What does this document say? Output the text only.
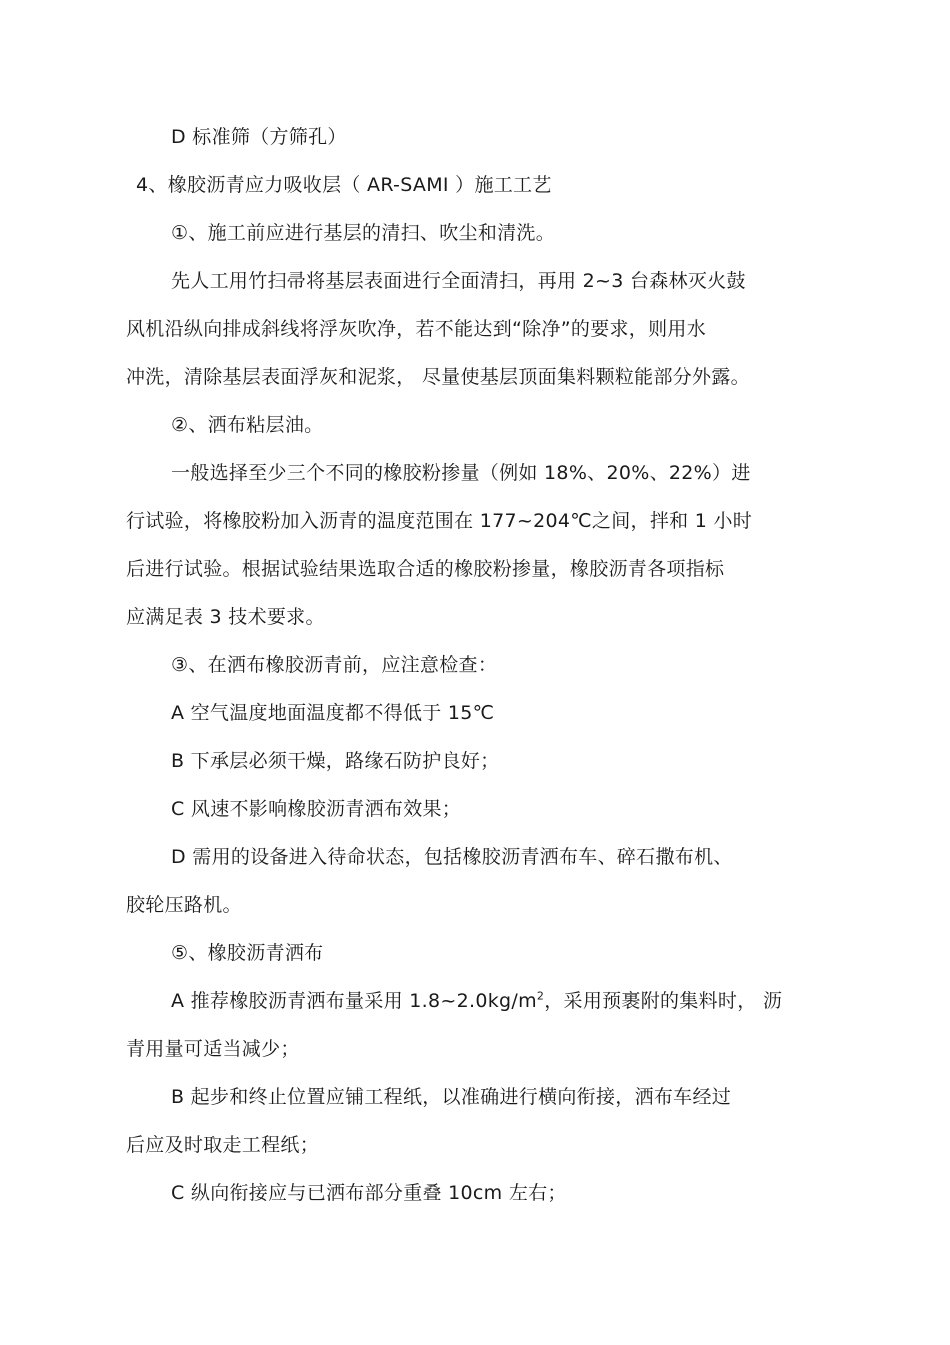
D 标准筛（方筛孔）
4、橡胶沥青应力吸收层（ AR-SAMI ）施工工艺
①、施工前应进行基层的清扫、吹尘和清洗。
先人工用竹扫帚将基层表面进行全面清扫，再用 2~3 台森林灭火鼓
风机沿纵向排成斜线将浮灰吹净，若不能达到“除净”的要求，则用水
冲洗，清除基层表面浮灰和泥浆， 尽量使基层顶面集料颗粒能部分外露。
②、洒布粘层油。
一般选择至少三个不同的橡胶粉掺量（例如 18%、20%、22%）进
行试验，将橡胶粉加入沥青的温度范围在 177~204℃之间，拌和 1 小时
后进行试验。根据试验结果选取合适的橡胶粉掺量，橡胶沥青各项指标
应满足表 3 技术要求。
③、在洒布橡胶沥青前，应注意检查：
A 空气温度地面温度都不得低于 15℃
B 下承层必须干燥，路缘石防护良好；
C 风速不影响橡胶沥青洒布效果；
D 需用的设备进入待命状态，包括橡胶沥青洒布车、碎石撒布机、
胶轮压路机。
⑤、橡胶沥青洒布
A 推荐橡胶沥青洒布量采用 $1.8\sim 2.0kg/m^2$，采用预裹附的集料时， 沥
青用量可适当减少；
B 起步和终止位置应铺工程纸，以准确进行横向衔接，洒布车经过
后应及时取走工程纸；
C 纵向衔接应与已洒布部分重叠 10cm 左右；
